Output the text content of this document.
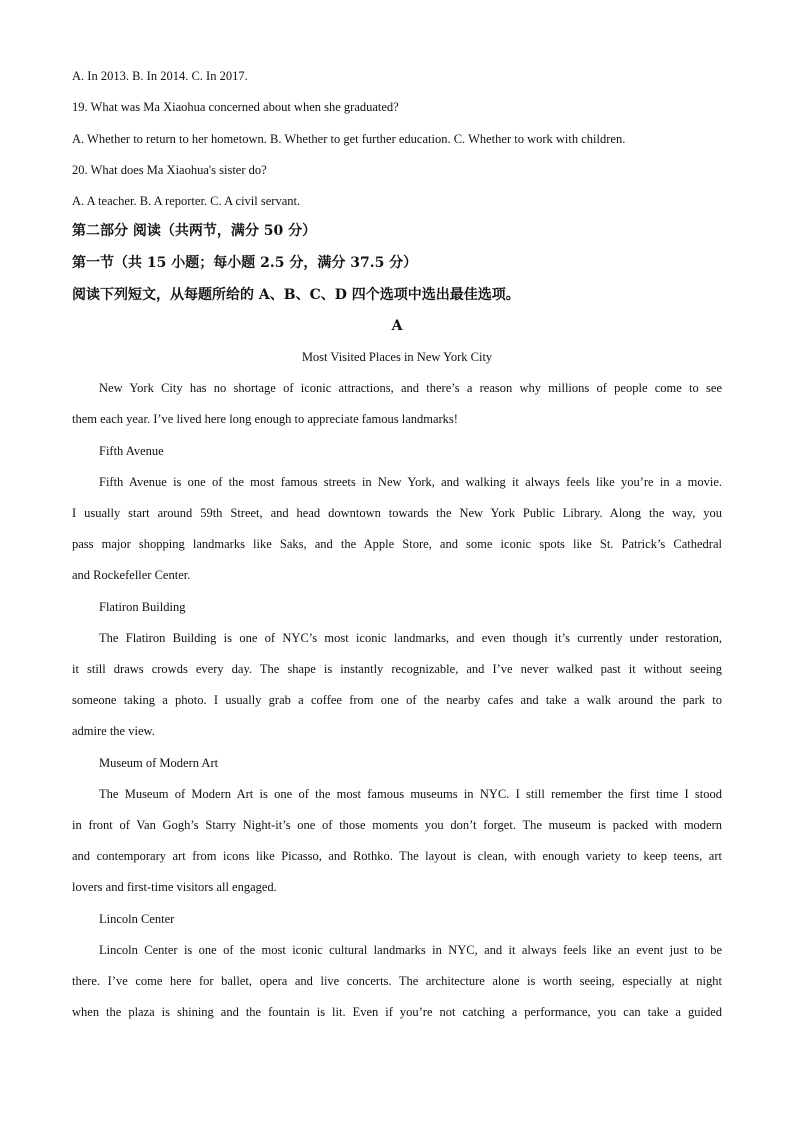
A. In 2013. B. In 2014. C. In 2017.
19. What was Ma Xiaohua concerned about when she graduated?
A. Whether to return to her hometown. B. Whether to get further education. C. Whether to work with children.
20. What does Ma Xiaohua's sister do?
A. A teacher. B. A reporter. C. A civil servant.
第二部分 阅读（共两节，满分 50 分）
第一节（共 15 小题；每小题 2.5 分，满分 37.5 分）
阅读下列短文，从每题所给的 A、B、C、D 四个选项中选出最佳选项。
A
Most Visited Places in New York City
New York City has no shortage of iconic attractions, and there’s a reason why millions of people come to see
them each year. I’ve lived here long enough to appreciate famous landmarks!
Fifth Avenue
Fifth Avenue is one of the most famous streets in New York, and walking it always feels like you’re in a movie.
I usually start around 59th Street, and head downtown towards the New York Public Library. Along the way, you
pass major shopping landmarks like Saks, and the Apple Store, and some iconic spots like St. Patrick’s Cathedral
and Rockefeller Center.
Flatiron Building
The Flatiron Building is one of NYC’s most iconic landmarks, and even though it’s currently under restoration,
it still draws crowds every day. The shape is instantly recognizable, and I’ve never walked past it without seeing
someone taking a photo. I usually grab a coffee from one of the nearby cafes and take a walk around the park to
admire the view.
Museum of Modern Art
The Museum of Modern Art is one of the most famous museums in NYC. I still remember the first time I stood
in front of Van Gogh’s Starry Night-it’s one of those moments you don’t forget. The museum is packed with modern
and contemporary art from icons like Picasso, and Rothko. The layout is clean, with enough variety to keep teens, art
lovers and first-time visitors all engaged.
Lincoln Center
Lincoln Center is one of the most iconic cultural landmarks in NYC, and it always feels like an event just to be
there. I’ve come here for ballet, opera and live concerts. The architecture alone is worth seeing, especially at night
when the plaza is shining and the fountain is lit. Even if you’re not catching a performance, you can take a guided
